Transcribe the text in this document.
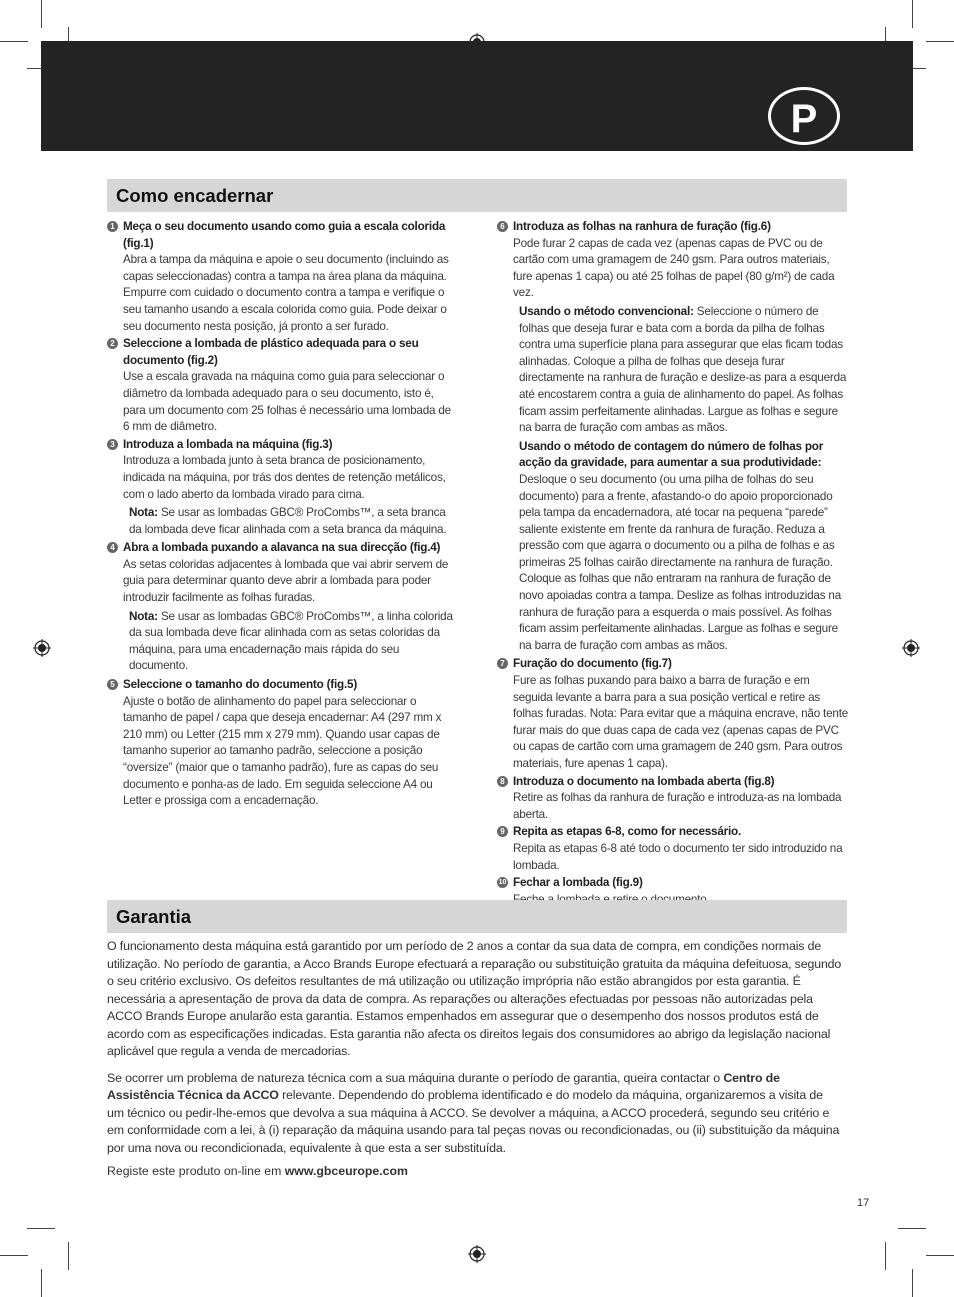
P
Como encadernar
1 Meça o seu documento usando como guia a escala colorida (fig.1)
Abra a tampa da máquina e apoie o seu documento (incluindo as capas seleccionadas) contra a tampa na área plana da máquina. Empurre com cuidado o documento contra a tampa e verifique o seu tamanho usando a escala colorida como guia. Pode deixar o seu documento nesta posição, já pronto a ser furado.
2 Seleccione a lombada de plástico adequada para o seu documento (fig.2)
Use a escala gravada na máquina como guia para seleccionar o diâmetro da lombada adequado para o seu documento, isto é, para um documento com 25 folhas é necessário uma lombada de 6 mm de diâmetro.
3 Introduza a lombada na máquina (fig.3)
Introduza a lombada junto à seta branca de posicionamento, indicada na máquina, por trás dos dentes de retenção metálicos, com o lado aberto da lombada virado para cima.
Nota: Se usar as lombadas GBC® ProCombs™, a seta branca da lombada deve ficar alinhada com a seta branca da máquina.
4 Abra a lombada puxando a alavanca na sua direcção (fig.4)
As setas coloridas adjacentes à lombada que vai abrir servem de guia para determinar quanto deve abrir a lombada para poder introduzir facilmente as folhas furadas.
Nota: Se usar as lombadas GBC® ProCombs™, a linha colorida da sua lombada deve ficar alinhada com as setas coloridas da máquina, para uma encadernação mais rápida do seu documento.
5 Seleccione o tamanho do documento (fig.5)
Ajuste o botão de alinhamento do papel para seleccionar o tamanho de papel / capa que deseja encadernar: A4 (297 mm x 210 mm) ou Letter (215 mm x 279 mm). Quando usar capas de tamanho superior ao tamanho padrão, seleccione a posição “oversize” (maior que o tamanho padrão), fure as capas do seu documento e ponha-as de lado. Em seguida seleccione A4 ou Letter e prossiga com a encadernação.
6 Introduza as folhas na ranhura de furação (fig.6)
Pode furar 2 capas de cada vez (apenas capas de PVC ou de cartão com uma gramagem de 240 gsm. Para outros materiais, fure apenas 1 capa) ou até 25 folhas de papel (80 g/m²) de cada vez.
Usando o método convencional: Seleccione o número de folhas que deseja furar e bata com a borda da pilha de folhas contra uma superfície plana para assegurar que elas ficam todas alinhadas. Coloque a pilha de folhas que deseja furar directamente na ranhura de furação e deslize-as para a esquerda até encostarem contra a guia de alinhamento do papel. As folhas ficam assim perfeitamente alinhadas. Largue as folhas e segure na barra de furação com ambas as mãos.
Usando o método de contagem do número de folhas por acção da gravidade, para aumentar a sua produtividade: Desloque o seu documento (ou uma pilha de folhas do seu documento) para a frente, afastando-o do apoio proporcionado pela tampa da encadernadora, até tocar na pequena “parede” saliente existente em frente da ranhura de furação. Reduza a pressão com que agarra o documento ou a pilha de folhas e as primeiras 25 folhas cairão directamente na ranhura de furação. Coloque as folhas que não entraram na ranhura de furação de novo apoiadas contra a tampa. Deslize as folhas introduzidas na ranhura de furação para a esquerda o mais possível. As folhas ficam assim perfeitamente alinhadas. Largue as folhas e segure na barra de furação com ambas as mãos.
7 Furação do documento (fig.7)
Fure as folhas puxando para baixo a barra de furação e em seguida levante a barra para a sua posição vertical e retire as folhas furadas. Nota: Para evitar que a máquina encrave, não tente furar mais do que duas capa de cada vez (apenas capas de PVC ou capas de cartão com uma gramagem de 240 gsm. Para outros materiais, fure apenas 1 capa).
8 Introduza o documento na lombada aberta (fig.8)
Retire as folhas da ranhura de furação e introduza-as na lombada aberta.
9 Repita as etapas 6-8, como for necessário.
Repita as etapas 6-8 até todo o documento ter sido introduzido na lombada.
10 Fechar a lombada (fig.9)
Garantia

O funcionamento desta máquina está garantido por um período de 2 anos a contar da sua data de compra, em condições normais de utilização. No período de garantia, a Acco Brands Europe efectuará a reparação ou substituição gratuita da máquina defeituosa, segundo o seu critério exclusivo. Os defeitos resultantes de má utilização ou utilização imprópria não estão abrangidos por esta garantia. É necessária a apresentação de prova da data de compra. As reparações ou alterações efectuadas por pessoas não autorizadas pela ACCO Brands Europe anularão esta garantia. Estamos empenhados em assegurar que o desempenho dos nossos produtos está de acordo com as especificações indicadas. Esta garantia não afecta os direitos legais dos consumidores ao abrigo da legislação nacional aplicável que regula a venda de mercadorias.

Se ocorrer um problema de natureza técnica com a sua máquina durante o período de garantia, queira contactar o Centro de Assistência Técnica da ACCO relevante. Dependendo do problema identificado e do modelo da máquina, organizaremos a visita de um técnico ou pedir-lhe-emos que devolva a sua máquina à ACCO. Se devolver a máquina, a ACCO procederá, segundo seu critério e em conformidade com a lei, à (i) reparação da máquina usando para tal peças novas ou recondicionadas, ou (ii) substituição da máquina por uma nova ou recondicionada, equivalente à que esta a ser substituída.

Registe este produto on-line em www.gbceurope.com
17
